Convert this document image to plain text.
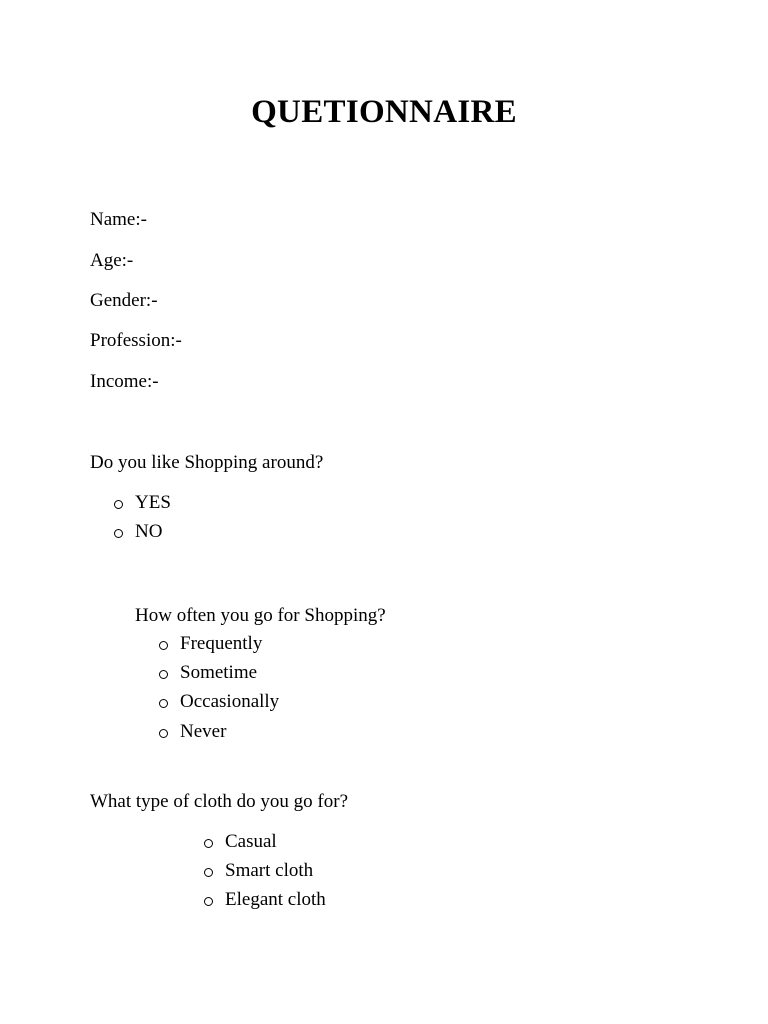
QUETIONNAIRE
Name:-
Age:-
Gender:-
Profession:-
Income:-
Do you like Shopping around?
YES
NO
How often you go for Shopping?
Frequently
Sometime
Occasionally
Never
What type of cloth do you go for?
Casual
Smart cloth
Elegant cloth
